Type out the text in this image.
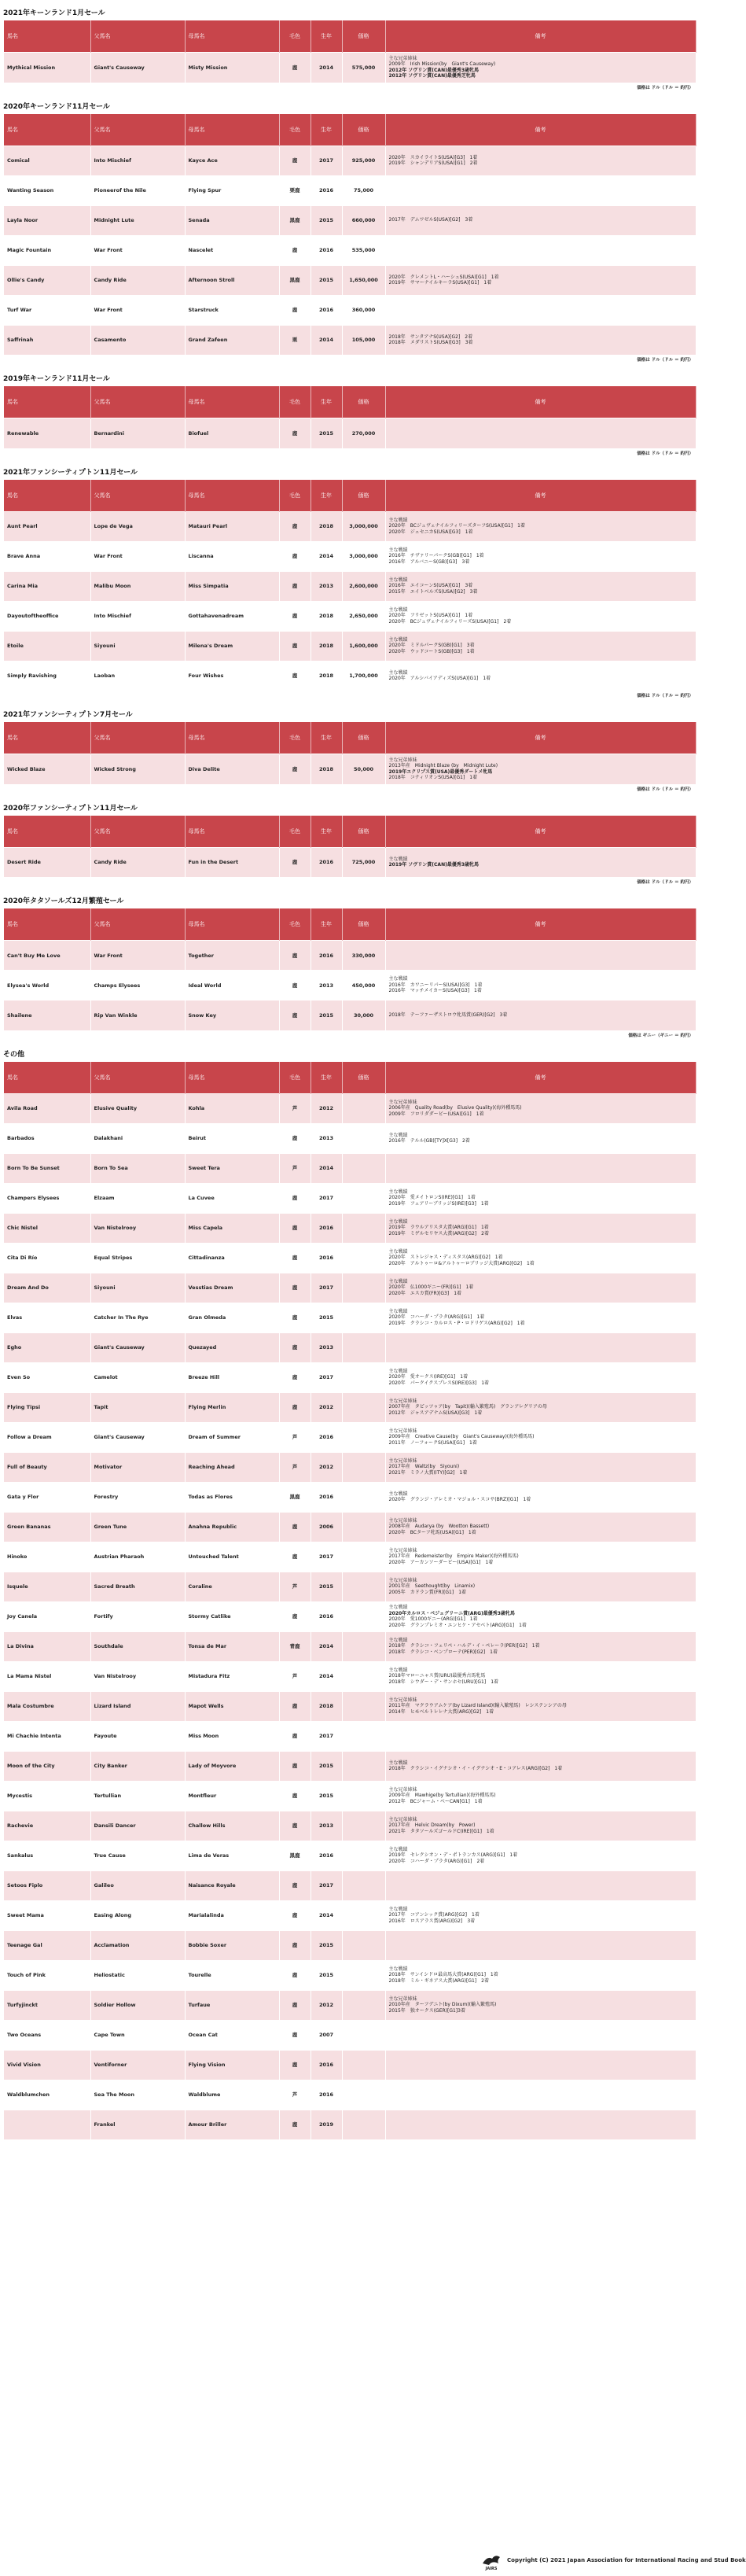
2021年キーンランド1月セール
馬名	父馬名	母馬名	毛色	生年	価格	備考
Mythical Mission	Giant's Causeway	Misty Mission	鹿	2014	575,000	主な兄弟姉妹
2009年　Irish Mission(by　Giant's Causeway)
2012年 ソヴリン賞(CAN)最優秀3歳牝馬
2012年 ソヴリン賞(CAN)最優秀芝牝馬
価格は ドル（ドル ＝ 約円）
2020年キーンランド11月セール
馬名	父馬名	母馬名	毛色	生年	価格	備考
Comical	Into Mischief	Kayce Ace	鹿	2017	925,000	2020年　スカイライトS(USA)[G3]　1着
2019年　シャンデリアS(USA)[G1]　2着

Wanting Season	Pioneerof the Nile	Flying Spur	栗鹿	2016	75,000	
Layla Noor	Midnight Lute	Senada	黒鹿	2015	660,000	2017年　デムワゼルS(USA)[G2]　3着

Magic Fountain	War Front	Nascelet	鹿	2016	535,000	
Ollie's Candy	Candy Ride	Afternoon Stroll	黒鹿	2015	1,650,000	2020年　クレメントL・ハーシュS(USA)[G1]　1着
2019年　サマーナイルキーラS(USA)[G1]　1着

Turf War	War Front	Starstruck	鹿	2016	360,000	
Saffrinah	Casamento	Grand Zafeen	栗	2014	105,000	2018年　サンタアナS(USA)[G2]　2着
2018年　メダリストS(USA)[G3]　3着
価格は ドル（ドル ＝ 約円）
2019年キーンランド11月セール
馬名	父馬名	母馬名	毛色	生年	価格	備考
Renewable	Bernardini	Biofuel	鹿	2015	270,000	
価格は ドル（ドル ＝ 約円）
2021年ファンシーティプトン11月セール
馬名	父馬名	母馬名	毛色	生年	価格	備考
Aunt Pearl	Lope de Vega	Matauri Pearl	鹿	2018	3,000,000	主な戦績
2020年　BCジュヴェナイルフィリーズターフS(USA)[G1]　1着
2020年　ジェセニカS(USA)[G3]　1着

Brave Anna	War Front	Liscanna	鹿	2014	3,000,000	主な戦績
2016年　チヴァリーパークS(GB)[G1]　1着
2016年　アルバニーS(GB)[G3]　3着

Carina Mia	Malibu Moon	Miss Simpatia	鹿	2013	2,600,000	主な戦績
2016年　エイコーンS(USA)[G1]　3着
2015年　エイトベルズS(USA)[G2]　3着

Dayoutoftheoffice	Into Mischief	Gottahavenadream	鹿	2018	2,650,000	主な戦績
2020年　フリゼットS(USA)[G1]　1着
2020年　BCジュヴェナイルフィリーズS(USA)[G1]　2着

Etoile	Siyouni	Milena's Dream	鹿	2018	1,600,000	主な戦績
2020年　ミドルパークS(GB)[G1]　3着
2020年　ウッドコートS(GB)[G3]　1着

Simply Ravishing	Laoban	Four Wishes	鹿	2018	1,700,000	主な戦績
2020年　アルシバイアディズS(USA)[G1]　1着
価格は ドル（ドル ＝ 約円）
2021年ファンシーティプトン7月セール
馬名	父馬名	母馬名	毛色	生年	価格	備考
Wicked Blaze	Wicked Strong	Diva Delite	鹿	2018	50,000	主な兄弟姉妹
2013年産　Midnight Blaze (by　Midnight Lute)
2019年エクリプス賞(USA)最優秀ダートメ牝馬
2018年　コティリオンS(USA)[G1]　1着
価格は ドル（ドル ＝ 約円）
2020年ファンシーティプトン11月セール
馬名	父馬名	母馬名	毛色	生年	価格	備考
Desert Ride	Candy Ride	Fun in the Desert	鹿	2016	725,000	主な戦績
2019年 ソヴリン賞(CAN)最優秀3歳牝馬
価格は ドル（ドル ＝ 約円）
2020年タタソールズ12月繁殖セール
馬名	父馬名	母馬名	毛色	生年	価格	備考
Can't Buy Me Love	War Front	Together	鹿	2016	330,000	
Elysea's World	Champs Elysees	Ideal World	鹿	2013	450,000	主な戦績
2016年　カワニーリパーS(USA)[G3]　1着
2016年　マッチメイカーS(USA)[G3]　1着

Shailene	Rip Van Winkle	Snow Key	鹿	2015	30,000	2018年　テーファーザストロウ牝馬賞(GER)[G2]　3着
価格は ギニー（ギニー ＝ 約円）
その他
馬名	父馬名	母馬名	毛色	生年	価格	備考
Avila Road	Elusive Quality	Kohla	芦	2012		主な兄弟姉妹
2006年産　Quality Road(by　Elusive Quality)(海外種馬馬)
2009年　フロリダダービー(USA)[G1]　1着

Barbados	Dalakhani	Beirut	鹿	2013		主な戦績
2016年　テルル(GB)[TY]X[G3]　2着

Born To Be Sunset	Born To Sea	Sweet Tera	芦	2014		
Champers Elysees	Elzaam	La Cuvee	鹿	2017		主な戦績
2020年　愛メイトロンS(IRE)[G1]　1着
2019年　フェアリーブリッジS(IRE)[G3]　1着

Chic Nistel	Van Nistelrooy	Miss Capela	鹿	2016		主な戦績
2019年　ラウルアリスタ大賞(ARG)[G1]　1着
2019年　ミゲルセリヤス大賞(ARG)[G2]　2着

Cita Di Río	Equal Stripes	Cittadinanza	鹿	2016		主な戦績
2020年　ストレジャス・ディスタス(ARG)[G2]　1着
2020年　アルトゥーロ&アルトゥーロブリッジ大賞(ARG)[G2]　1着

Dream And Do	Siyouni	Vesstias Dream	鹿	2017		主な戦績
2020年　仏1000ギニー(FR)[G1]　1着
2020年　エスカ賞(FR)[G3]　1着

Elvas	Catcher In The Rye	Gran Olmeda	鹿	2015		主な戦績
2020年　コハーダ・プラタ(ARG)[G1]　1着
2019年　クラシコ・カルロス・P・ロドリゲス(ARG)[G2]　1着

Egho	Giant's Causeway	Quezayed	鹿	2013		
Even So	Camelot	Breeze Hill	鹿	2017		主な戦績
2020年　愛オークス(IRE)[G1]　1着
2020年　パークイクスプレスS(IRE)[G3]　1着

Flying Tipsi	Tapit	Flying Merlin	鹿	2012		主な兄弟姉妹
2007年産　タピッツゥア(by　Tapit)(輸入繁殖馬)　グランアレグリアの母
2012年　ジャスアデナムS(USA)[G3]　1着

Follow a Dream	Giant's Causeway	Dream of Summer	芦	2016		主な兄弟姉妹
2009年産　Creative Cause(by　Giant's Causeway)(海外種馬馬)
2011年　ノーフォークS(USA)[G1]　1着

Full of Beauty	Motivator	Reaching Ahead	芦	2012		主な兄弟姉妹
2017年産　Waltz(by　Siyouni)
2021年　ミラノ大賞(ITY)[G2]　1着

Gata y Flor	Forestry	Todas as Flores	黒鹿	2016		主な戦績
2020年　グランジ・アレミオ・マジョル・スコサ(BRZ)[G1]　1着

Green Bananas	Green Tune	Anahna Republic	鹿	2006		主な兄弟姉妹
2008年産　Audarya (by　Wootton Bassett)
2020年　BCターフ牝馬(USA)[G1]　1着

Hinoko	Austrian Pharaoh	Untouched Talent	鹿	2017		主な兄弟姉妹
2017年産　Redemeister(by　Empire Maker)(海外種馬馬)
2020年　アーカンソーダービー(USA)[G1]　1着

Isquele	Sacred Breath	Coraline	芦	2015		主な兄弟姉妹
2001年産　Seethought(by　Linamix)
2005年　カドラン賞(FR)[G1]　1着

Joy Canela	Fortify	Stormy Catlike	鹿	2016		主な戦績
2020年カルロス・ペジェグリーニ賞(ARG)最優秀3歳牝馬
2020年　愛1000ギニー(ARG)[G1]　1着
2020年　グランプレミオ・エンヒケ・アセベト(ARG)[G1]　1着

La Divina	Southdale	Tonsa de Mar	青鹿	2014		主な戦績
2018年　クラシコ・フェリペ・ハルデ・イ・ペレーラ(PER)[G2]　1着
2018年　クラシコ・ベンプローテ(PER)[G2]　1着

La Mama Nistel	Van Nistelrooy	Mistadura Fitz	芦	2014		主な戦績
2018年マローニャス賞(URU)最優秀古馬牝馬
2018年　シウダー・デ・サンホセ(URU)[G1]　1着

Mala Costumbre	Lizard Island	Mapot Wells	鹿	2018		主な兄弟姉妹
2011年産　マクラウアムケア(by Lizard Island)(輸入繁殖馬)　レシステンシアの母
2014年　ヒモベルトレレナ大賞(ARG)[G2]　1着

Mi Chachie Intenta	Fayoute	Miss Moon	鹿	2017		
Moon of the City	City Banker	Lady of Moyvore	鹿	2015		主な戦績
2018年　クラシコ・イグナシオ・イ・イグナシオ・E・コアレス(ARG)[G2]　1着

Mycestis	Tertullian	Montfleur	鹿	2015		主な兄弟姉妹
2009年産　Mawhige(by Tertullian)(海外種馬馬)
2012年　BCジャーム・ベーCAN[G1]　1着

Rachevie	Dansili Dancer	Challow Hills	鹿	2013		主な兄弟姉妹
2017年産　Helvic Dream(by　Power)
2021年　タタソールズゴールドC(IRE)[G1]　1着

Sankalus	True Cause	Lima de Veras	黒鹿	2016		主な戦績
2019年　セレクシオン・デ・ポトランカス(ARG)[G1]　1着
2020年　コハーダ・プラタ(ARG)[G1]　2着

Setoos Fiplo	Galileo	Naisance Royale	鹿	2017		
Sweet Mama	Easing Along	Marialalinda	鹿	2014		主な戦績
2017年　コアンシック賞(ARG)[G2]　1着
2016年　ロスアラス賞(ARG)[G2]　3着

Teenage Gal	Acclamation	Bobbie Soxer	鹿	2015		
Touch of Pink	Heliostatic	Tourelle	鹿	2015		主な戦績
2018年　サンイシドロ最高馬大賞(ARG)[G1]　1着
2018年　ミル・ギネアス大賞(ARG)[G1]　2着

Turfyjinckt	Soldier Hollow	Turfaue	鹿	2012		主な兄弟姉妹
2010年産　ターフデニト(by Dixum)(輸入繁殖馬)
2015年　独オークス(GER)[G1]3着

Two Oceans	Cape Town	Ocean Cat	鹿	2007		
Vivid Vision	Ventiforner	Flying Vision	鹿	2016		
Waldblumchen	Sea The Moon	Waldblume	芦	2016		
	Frankel	Amour Briller	鹿	2019		
JAIRS
Copyright (C) 2021 Japan Association for International Racing and Stud Book
